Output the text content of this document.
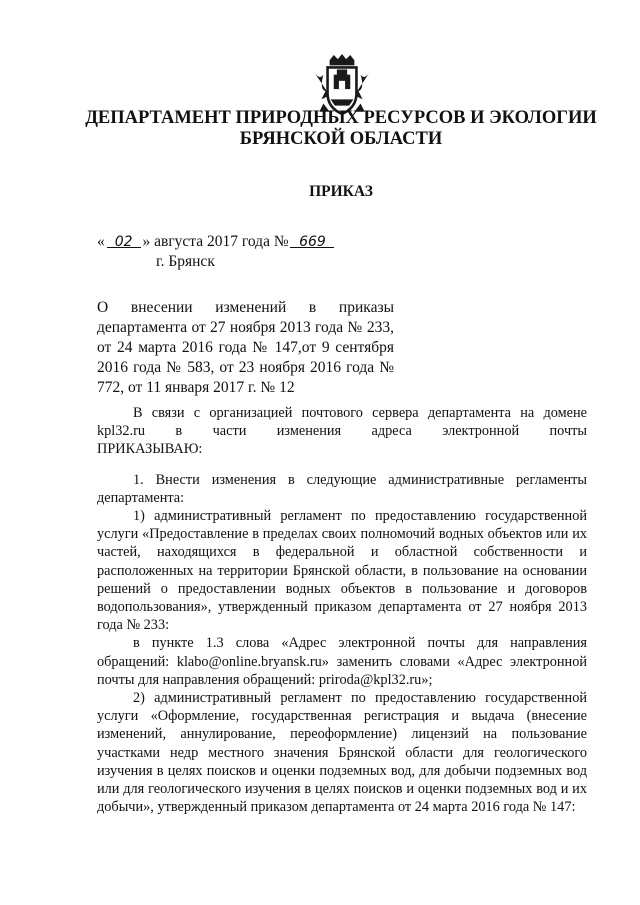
ДЕПАРТАМЕНТ ПРИРОДНЫХ РЕСУРСОВ И ЭКОЛОГИИ
БРЯНСКОЙ ОБЛАСТИ
ПРИКАЗ
« 02 » августа 2017 года № 669
г. Брянск
О внесении изменений в приказы департамента от 27 ноября 2013 года № 233, от 24 марта 2016 года № 147,от 9 сентября 2016 года № 583, от 23 ноября 2016 года № 772, от 11 января 2017 г. № 12

В связи с организацией почтового сервера департамента на домене kpl32.ru в части изменения адреса электронной почты

ПРИКАЗЫВАЮ:

1. Внести изменения в следующие административные регламенты департамента:

1) административный регламент по предоставлению государственной услуги «Предоставление в пределах своих полномочий водных объектов или их частей, находящихся в федеральной и областной собственности и расположенных на территории Брянской области, в пользование на основании решений о предоставлении водных объектов в пользование и договоров водопользования», утвержденный приказом департамента от 27 ноября 2013 года № 233:

в пункте 1.3 слова «Адрес электронной почты для направления обращений: klabo@online.bryansk.ru» заменить словами «Адрес электронной почты для направления обращений: priroda@kpl32.ru»;

2) административный регламент по предоставлению государственной услуги «Оформление, государственная регистрация и выдача (внесение изменений, аннулирование, переоформление) лицензий на пользование участками недр местного значения Брянской области для геологического изучения в целях поисков и оценки подземных вод, для добычи подземных вод или для геологического изучения в целях поисков и оценки подземных вод и их добычи», утвержденный приказом департамента от 24 марта 2016 года № 147:
